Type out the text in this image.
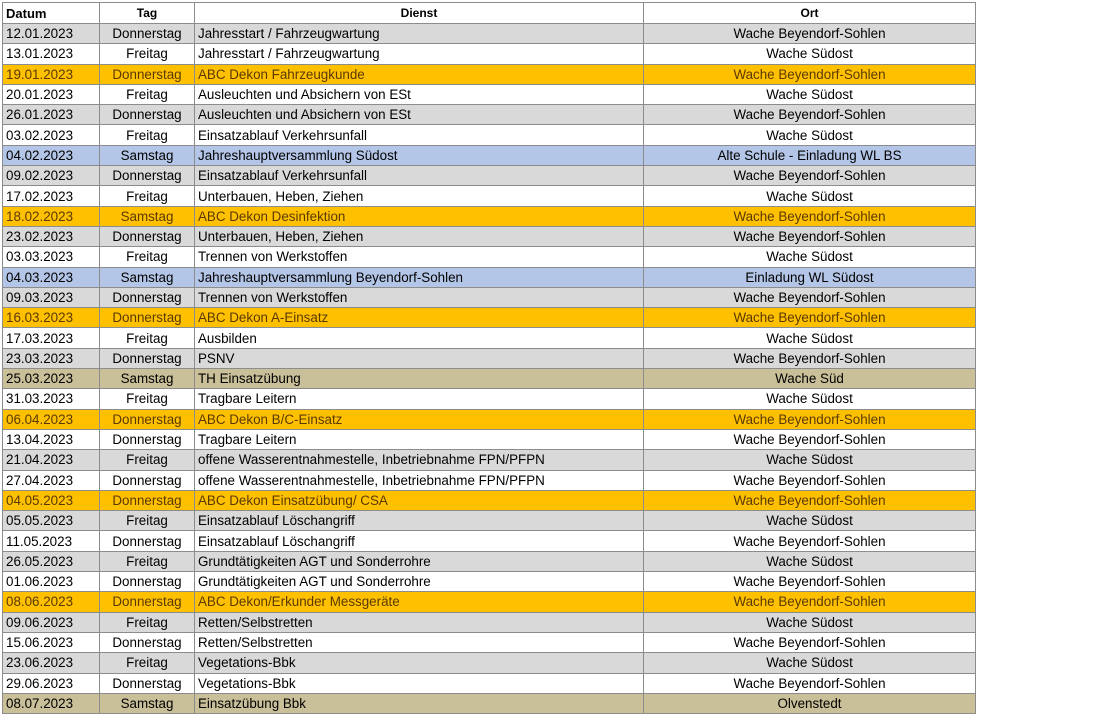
Datum	Tag	Dienst	Ort
12.01.2023	Donnerstag	Jahresstart / Fahrzeugwartung	Wache Beyendorf-Sohlen
13.01.2023	Freitag	Jahresstart / Fahrzeugwartung	Wache Südost
19.01.2023	Donnerstag	ABC Dekon Fahrzeugkunde	Wache Beyendorf-Sohlen
20.01.2023	Freitag	Ausleuchten und Absichern von ESt	Wache Südost
26.01.2023	Donnerstag	Ausleuchten und Absichern von ESt	Wache Beyendorf-Sohlen
03.02.2023	Freitag	Einsatzablauf Verkehrsunfall	Wache Südost
04.02.2023	Samstag	Jahreshauptversammlung Südost	Alte Schule - Einladung WL BS
09.02.2023	Donnerstag	Einsatzablauf Verkehrsunfall	Wache Beyendorf-Sohlen
17.02.2023	Freitag	Unterbauen, Heben, Ziehen	Wache Südost
18.02.2023	Samstag	ABC Dekon Desinfektion	Wache Beyendorf-Sohlen
23.02.2023	Donnerstag	Unterbauen, Heben, Ziehen	Wache Beyendorf-Sohlen
03.03.2023	Freitag	Trennen von Werkstoffen	Wache Südost
04.03.2023	Samstag	Jahreshauptversammlung Beyendorf-Sohlen	Einladung WL Südost
09.03.2023	Donnerstag	Trennen von Werkstoffen	Wache Beyendorf-Sohlen
16.03.2023	Donnerstag	ABC Dekon A-Einsatz	Wache Beyendorf-Sohlen
17.03.2023	Freitag	Ausbilden	Wache Südost
23.03.2023	Donnerstag	PSNV	Wache Beyendorf-Sohlen
25.03.2023	Samstag	TH Einsatzübung	Wache Süd
31.03.2023	Freitag	Tragbare Leitern	Wache Südost
06.04.2023	Donnerstag	ABC Dekon B/C-Einsatz	Wache Beyendorf-Sohlen
13.04.2023	Donnerstag	Tragbare Leitern	Wache Beyendorf-Sohlen
21.04.2023	Freitag	offene Wasserentnahmestelle, Inbetriebnahme FPN/PFPN	Wache Südost
27.04.2023	Donnerstag	offene Wasserentnahmestelle, Inbetriebnahme FPN/PFPN	Wache Beyendorf-Sohlen
04.05.2023	Donnerstag	ABC Dekon Einsatzübung/ CSA	Wache Beyendorf-Sohlen
05.05.2023	Freitag	Einsatzablauf Löschangriff	Wache Südost
11.05.2023	Donnerstag	Einsatzablauf Löschangriff	Wache Beyendorf-Sohlen
26.05.2023	Freitag	Grundtätigkeiten AGT und Sonderrohre	Wache Südost
01.06.2023	Donnerstag	Grundtätigkeiten AGT und Sonderrohre	Wache Beyendorf-Sohlen
08.06.2023	Donnerstag	ABC Dekon/Erkunder Messgeräte	Wache Beyendorf-Sohlen
09.06.2023	Freitag	Retten/Selbstretten	Wache Südost
15.06.2023	Donnerstag	Retten/Selbstretten	Wache Beyendorf-Sohlen
23.06.2023	Freitag	Vegetations-Bbk	Wache Südost
29.06.2023	Donnerstag	Vegetations-Bbk	Wache Beyendorf-Sohlen
08.07.2023	Samstag	Einsatzübung Bbk	Olvenstedt
